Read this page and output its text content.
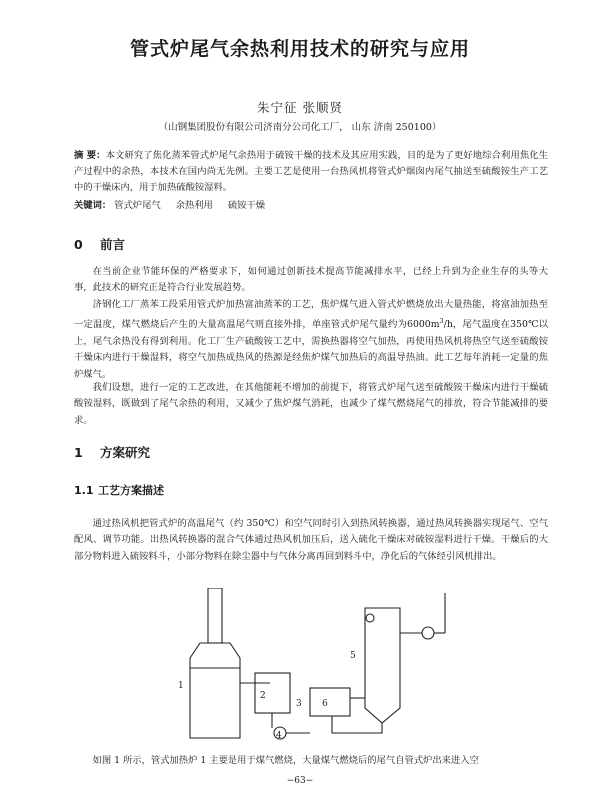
管式炉尾气余热利用技术的研究与应用
朱宁征 张顺贤
（山钢集团股份有限公司济南分公司化工厂， 山东 济南 250100）
摘 要：本文研究了焦化蒸苯管式炉尾气余热用于硫铵干燥的技术及其应用实践，目的是为了更好地综合利用焦化生产过程中的余热，本技术在国内尚无先例。主要工艺是使用一台热风机将管式炉烟囱内尾气抽送至硫酸铵生产工艺中的干燥床内，用于加热硫酸铵湿料。
关键词： 管式炉尾气 余热利用 硫铵干燥
0 前言

在当前企业节能环保的严格要求下，如何通过创新技术提高节能减排水平，已经上升到为企业生存的头等大事，此技术的研究正是符合行业发展趋势。

济钢化工厂蒸苯工段采用管式炉加热富油蒸苯的工艺，焦炉煤气进入管式炉燃烧放出大量热能，将富油加热至一定温度，煤气燃烧后产生的大量高温尾气则直接外排，单座管式炉尾气量约为$6000m^3/h$，尾气温度在350℃以上，尾气余热没有得到利用。化工厂生产硫酸铵工艺中，需换热器将空气加热，再使用热风机将热空气送至硫酸铵干燥床内进行干燥湿料，将空气加热成热风的热源是经焦炉煤气加热后的高温导热油。此工艺每年消耗一定量的焦炉煤气。

我们设想，进行一定的工艺改进，在其他能耗不增加的前提下，将管式炉尾气送至硫酸铵干燥床内进行干燥硫酸铵湿料，既做到了尾气余热的利用，又减少了焦炉煤气消耗，也减少了煤气燃烧尾气的排放，符合节能减排的要求。

1 方案研究
1.1 工艺方案描述

通过热风机把管式炉的高温尾气（约 350℃）和空气同时引入到热风转换器，通过热风转换器实现尾气、空气配风、调节功能。出热风转换器的混合气体通过热风机加压后，送入硫化干燥床对硫铵湿料进行干燥。干燥后的大部分物料进入硫铵料斗，小部分物料在除尘器中与气体分离再回到料斗中，净化后的气体经引风机排出。

1
2
3
4
5
6
如图 1 所示，管式加热炉 1 主要是用于煤气燃烧，大量煤气燃烧后的尾气自管式炉出来进入空
−63−
